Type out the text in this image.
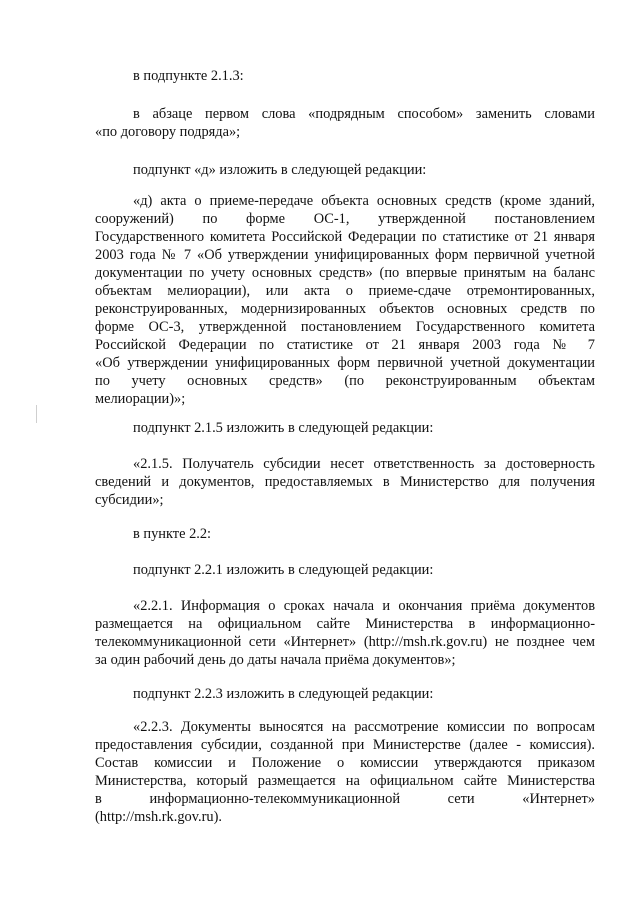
в подпункте 2.1.3:
в абзаце первом слова «подрядным способом» заменить словами
«по договору подряда»;
подпункт «д» изложить в следующей редакции:
«д) акта о приеме-передаче объекта основных средств (кроме зданий,
сооружений) по форме ОС-1, утвержденной постановлением
Государственного комитета Российской Федерации по статистике от 21 января
2003 года № 7 «Об утверждении унифицированных форм первичной учетной
документации по учету основных средств» (по впервые принятым на баланс
объектам мелиорации), или акта о приеме-сдаче отремонтированных,
реконструированных, модернизированных объектов основных средств по
форме ОС-3, утвержденной постановлением Государственного комитета
Российской Федерации по статистике от 21 января 2003 года № 7
«Об утверждении унифицированных форм первичной учетной документации
по учету основных средств» (по реконструированным объектам
мелиорации)»;
подпункт 2.1.5 изложить в следующей редакции:
«2.1.5. Получатель субсидии несет ответственность за достоверность
сведений и документов, предоставляемых в Министерство для получения
субсидии»;
в пункте 2.2:
подпункт 2.2.1 изложить в следующей редакции:
«2.2.1. Информация о сроках начала и окончания приёма документов
размещается на официальном сайте Министерства в информационно-
телекоммуникационной сети «Интернет» (http://msh.rk.gov.ru) не позднее чем
за один рабочий день до даты начала приёма документов»;
подпункт 2.2.3 изложить в следующей редакции:
«2.2.3. Документы выносятся на рассмотрение комиссии по вопросам
предоставления субсидии, созданной при Министерстве (далее - комиссия).
Состав комиссии и Положение о комиссии утверждаются приказом
Министерства, который размещается на официальном сайте Министерства
в информационно-телекоммуникационной сети «Интернет»
(http://msh.rk.gov.ru).
